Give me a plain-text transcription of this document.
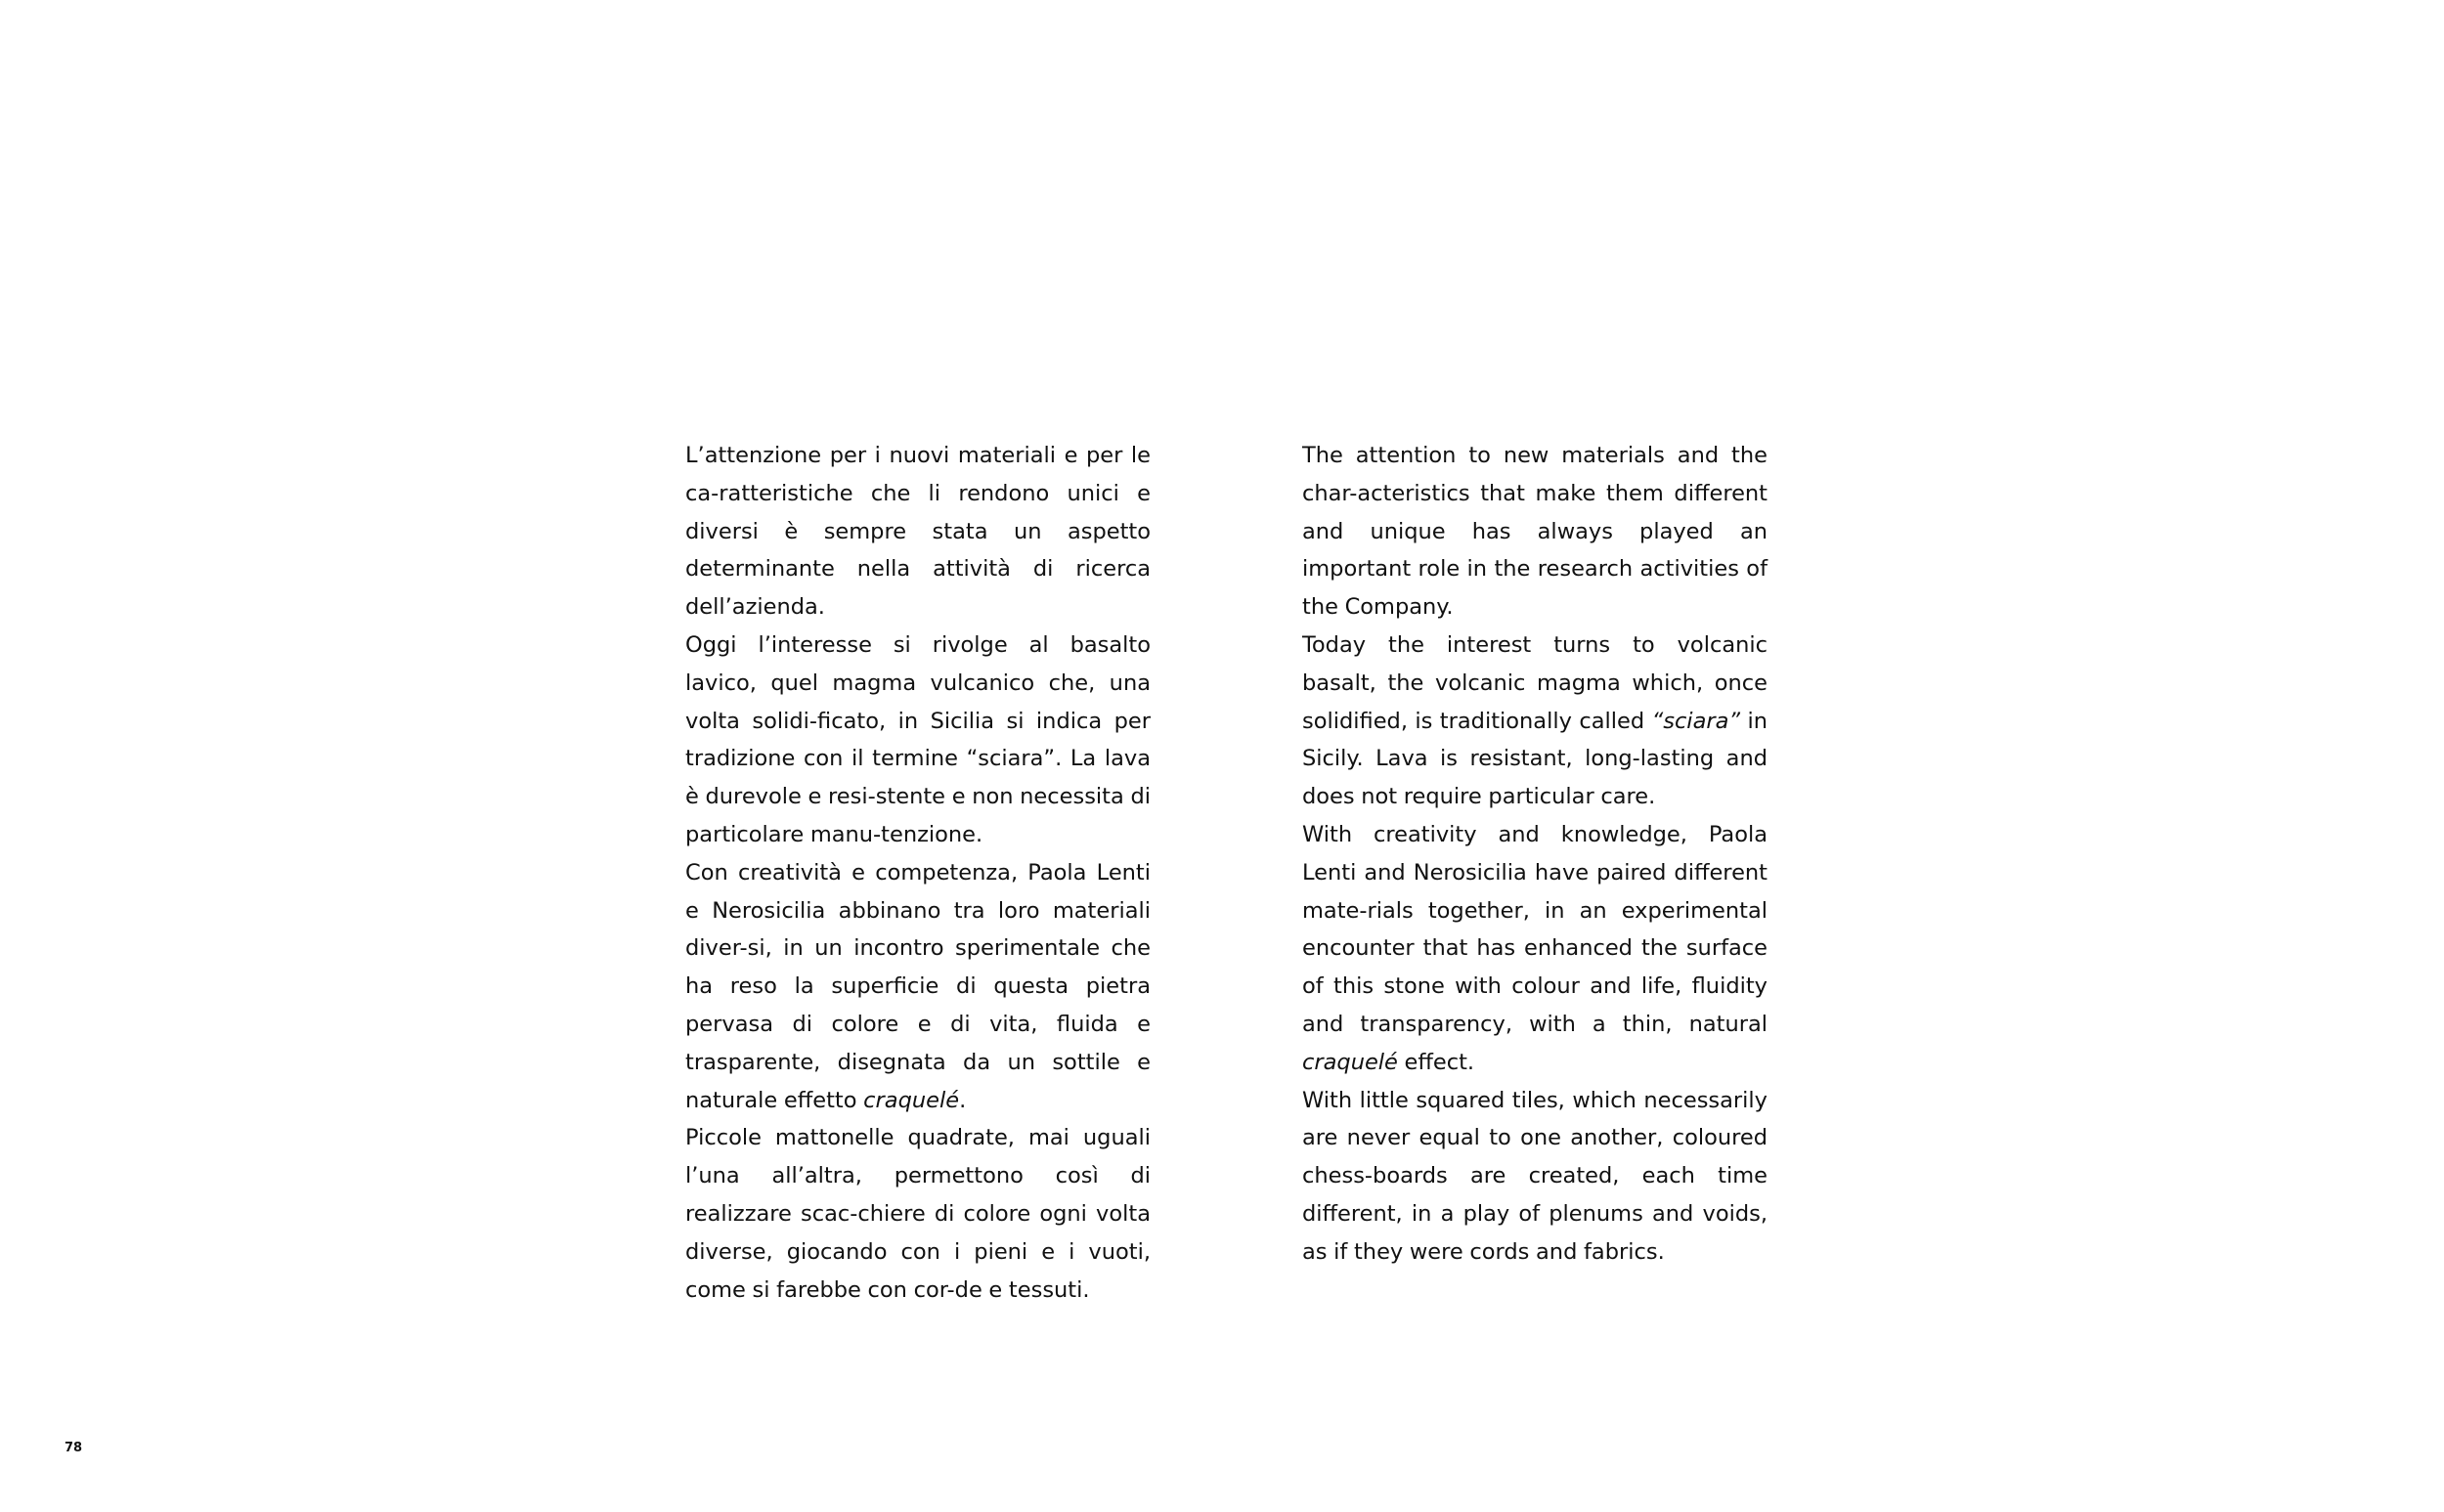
L’attenzione per i nuovi materiali e per le ca-ratteristiche che li rendono unici e diversi è sempre stata un aspetto determinante nella attività di ricerca dell’azienda.

Oggi l’interesse si rivolge al basalto lavico, quel magma vulcanico che, una volta solidi-ficato, in Sicilia si indica per tradizione con il termine “sciara”. La lava è durevole e resi-stente e non necessita di particolare manu-tenzione.

Con creatività e competenza, Paola Lenti e Nerosicilia abbinano tra loro materiali diver-si, in un incontro sperimentale che ha reso la superficie di questa pietra pervasa di colore e di vita, fluida e trasparente, disegnata da un sottile e naturale effetto craquelé.

Piccole mattonelle quadrate, mai uguali l’una all’altra, permettono così di realizzare scac-chiere di colore ogni volta diverse, giocando con i pieni e i vuoti, come si farebbe con cor-de e tessuti.

The attention to new materials and the char-acteristics that make them different and unique has always played an important role in the research activities of the Company.

Today the interest turns to volcanic basalt, the volcanic magma which, once solidified, is traditionally called “sciara” in Sicily. Lava is resistant, long-lasting and does not require particular care.

With creativity and knowledge, Paola Lenti and Nerosicilia have paired different mate-rials together, in an experimental encounter that has enhanced the surface of this stone with colour and life, fluidity and transparency, with a thin, natural craquelé effect.

With little squared tiles, which necessarily are never equal to one another, coloured chess-boards are created, each time different, in a play of plenums and voids, as if they were cords and fabrics.

78
